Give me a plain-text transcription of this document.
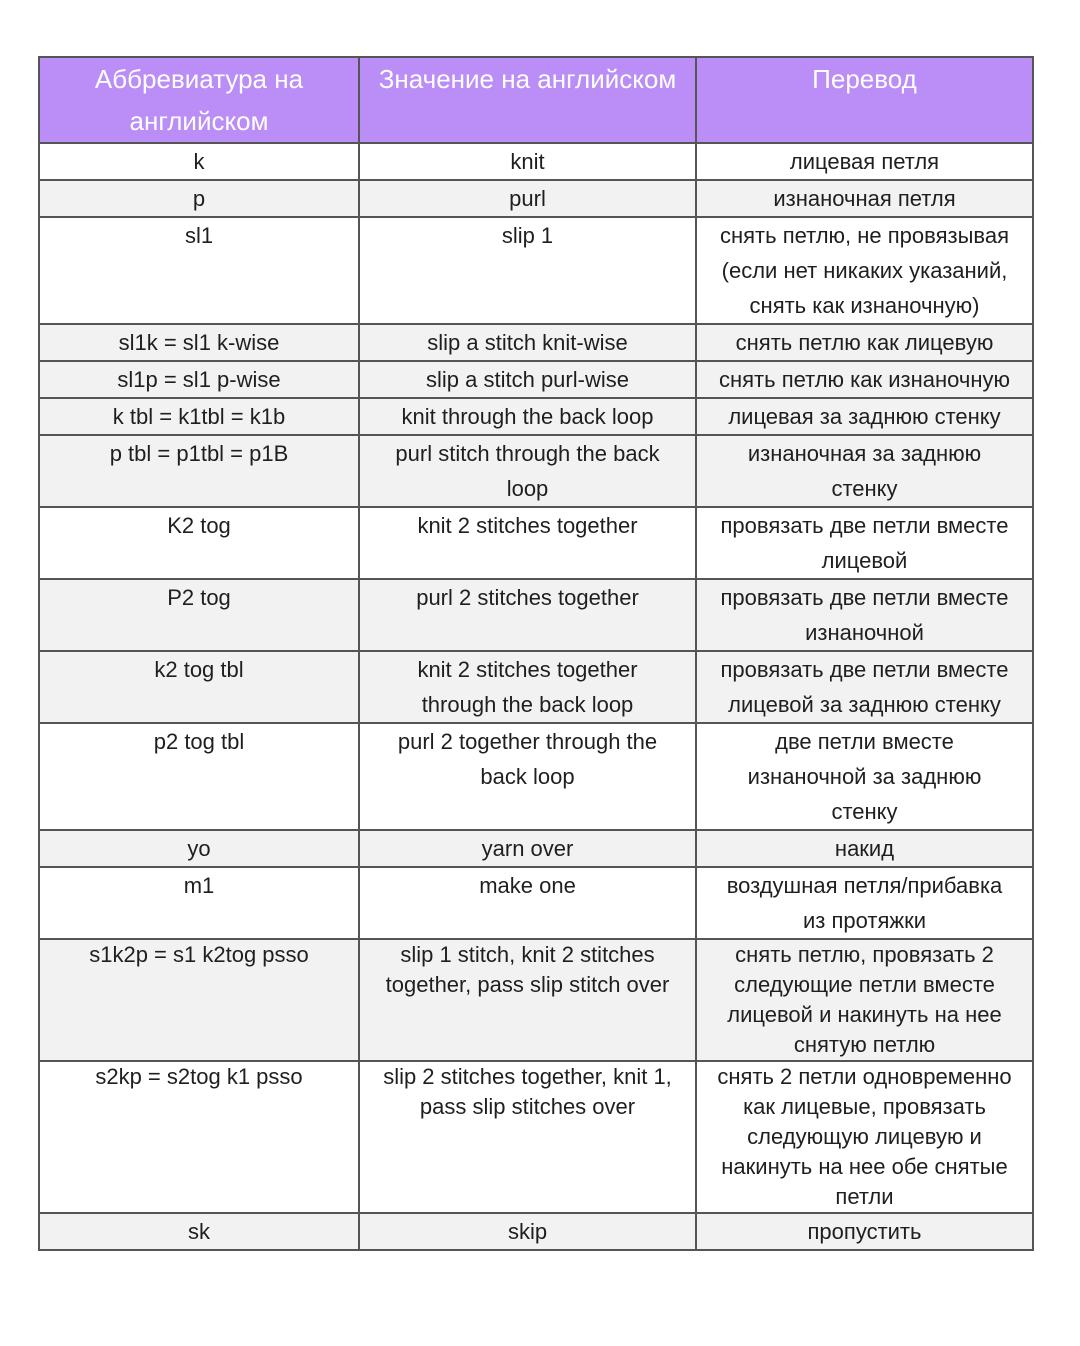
Аббревиатура на английском	Значение на английском	Перевод

k	knit	лицевая петля

p	purl	изнаночная петля

sl1	slip 1	снять петлю, не провязывая
(если нет никаких указаний,
снять как изнаночную)

sl1k = sl1 k-wise	slip a stitch knit-wise	снять петлю как лицевую

sl1p = sl1 p-wise	slip a stitch purl-wise	снять петлю как изнаночную

k tbl = k1tbl = k1b	knit through the back loop	лицевая за заднюю стенку

p tbl = p1tbl = p1B	purl stitch through the back
loop	изнаночная за заднюю
стенку

K2 tog	knit 2 stitches together	провязать две петли вместе
лицевой

P2 tog	purl 2 stitches together	провязать две петли вместе
изнаночной

k2 tog tbl	knit 2 stitches together
through the back loop	провязать две петли вместе
лицевой за заднюю стенку

p2 tog tbl	purl 2 together through the
back loop	две петли вместе
изнаночной за заднюю
стенку

yo	yarn over	накид

m1	make one	воздушная петля/прибавка
из протяжки

s1k2p = s1 k2tog psso	slip 1 stitch, knit 2 stitches
together, pass slip stitch over	снять петлю, провязать 2
следующие петли вместе
лицевой и накинуть на нее
снятую петлю

s2kp = s2tog k1 psso	slip 2 stitches together, knit 1,
pass slip stitches over	снять 2 петли одновременно
как лицевые, провязать
следующую лицевую и
накинуть на нее обе снятые
петли

sk	skip	пропустить
